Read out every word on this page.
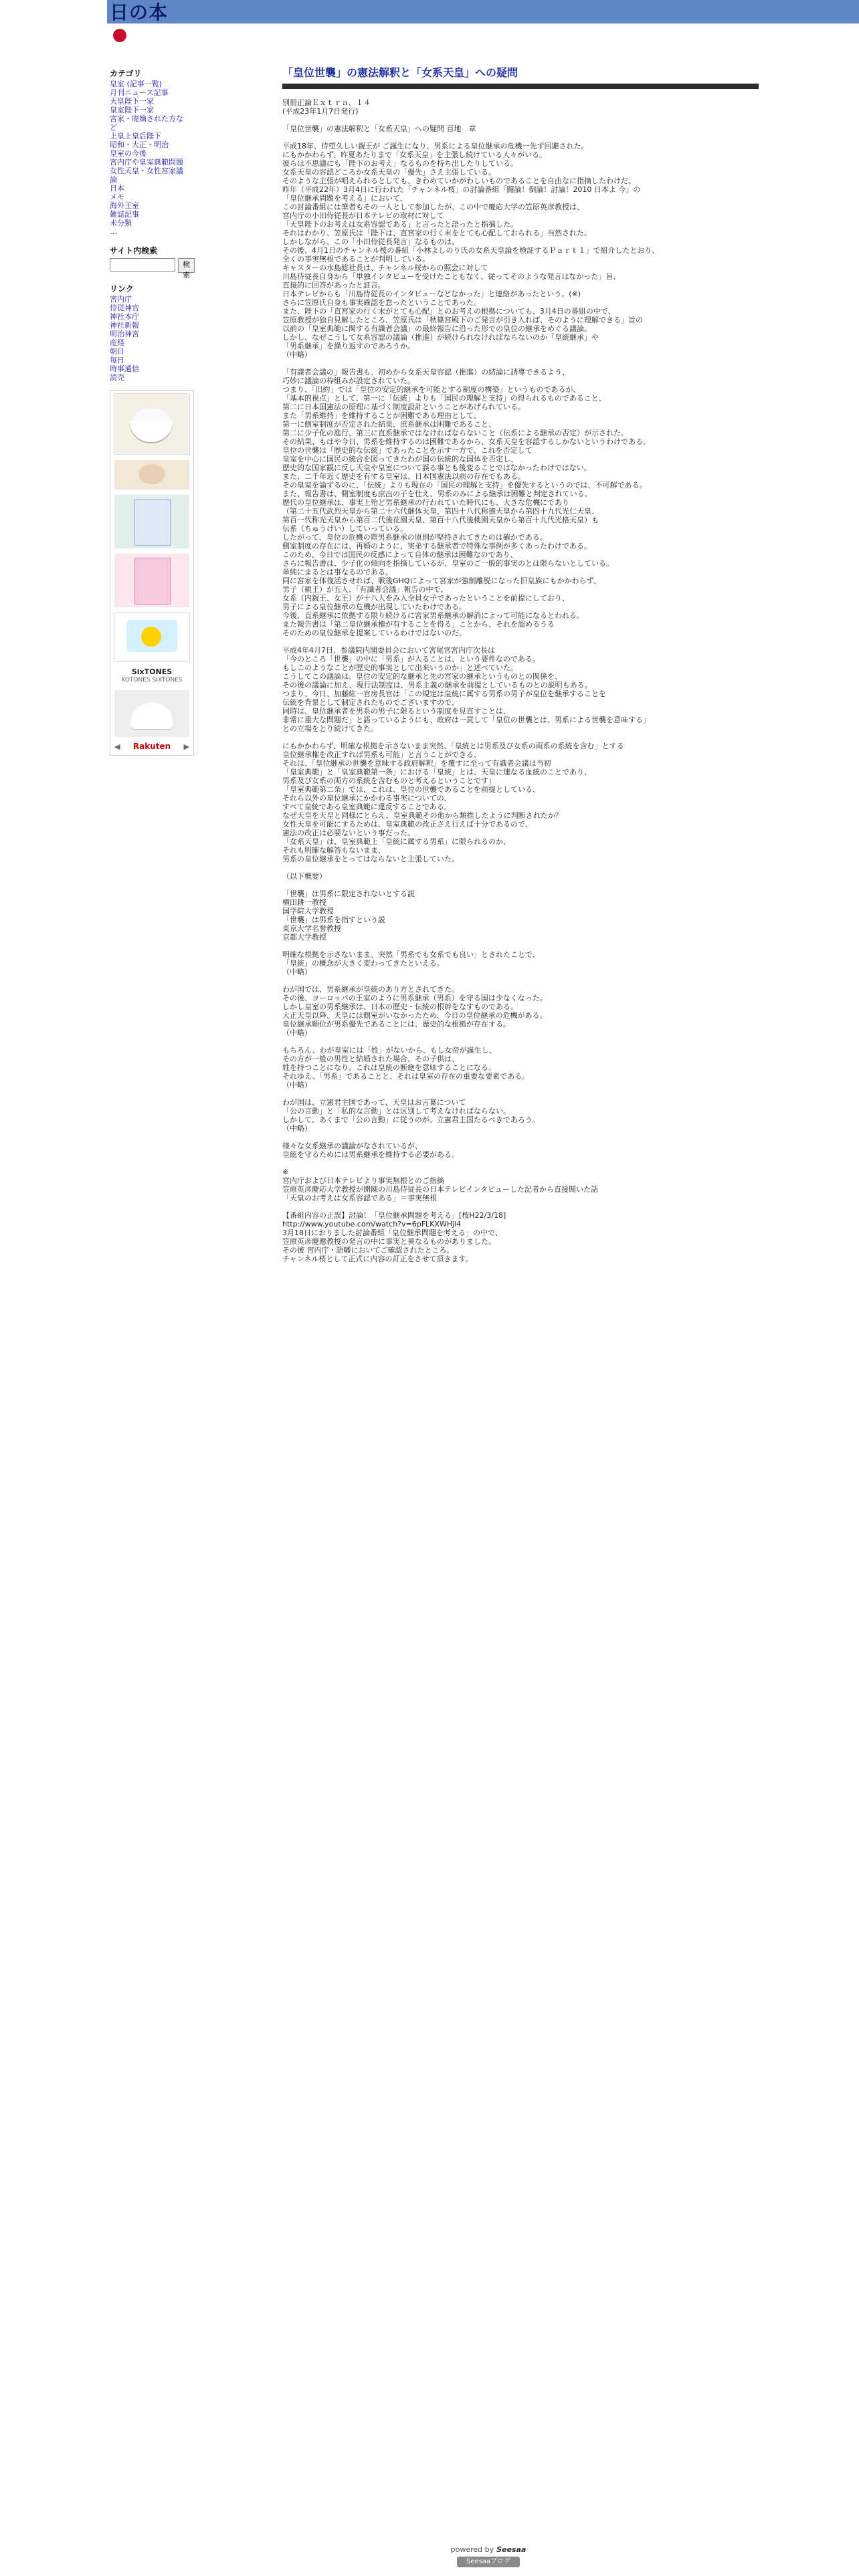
日の本
カテゴリ
皇室 (記事一覧)
月刊ニュース記事
天皇陛下一家
皇室陛下一家
宮家・廃嫡された方など
上皇上皇后陛下
昭和・大正・明治
皇室の今後
宮内庁や皇室典範問題
女性天皇・女性宮家議論
日本
メモ
海外王室
雑誌記事
未分類
…
サイト内検索
検索
リンク
宮内庁
侍従神官
神社本庁
神社新報
明治神宮
産経
朝日
毎日
時事通信
読売
SixTONES
KOTONES SIXTONES
◀ Rakuten ▶
「皇位世襲」の憲法解釈と「女系天皇」への疑問
別冊正論Ｅｘｔｒａ．１４
(平成23年1月7日発行)

「皇位世襲」の憲法解釈と「女系天皇」への疑問 百地　章

平成18年、待望久しい親王が ご誕生になり、男系による皇位継承の危機一先ず回避された。
にもかかわらず、昨夏あたりまで「女系天皇」を主張し続けている人々がいる。
彼らは不思議にも「陛下のお考え」なるものを持ち出したりしている。
女系天皇の容認どころか女系天皇の「優先」さえ主張している。
そのような主張が唱えられるとしても、きわめていかがわしいものであることを自由なに指摘したわけだ。
昨年（平成22年）3月4日に行われた「チャンネル桜」の討論番組「闘論！倒論！討論！2010 日本よ 今」の
「皇位継承問題を考える」において、
この討論番組には筆者もその一人として参加したが、この中で慶応大学の笠原英彦教授は、
宮内庁の小田侍従長が日本テレビの取材に対して
「天皇陛下のお考えは女系容認である」と言ったと語ったと指摘した。
それはわかり、笠原氏は「陛下は、直宮家の行く末をとても心配しておられる」当然された。
しかしながら、この「小田侍従長発言」なるものは、
その後、4月1日のチャンネル桜の番組「小林よしのり氏の女系天皇論を検証するＰａｒｔ１」で紹介したとおり、
全くの事実無根であることが判明している。
キャスターの水島総社長は、チャンネル桜からの照会に対して
川島侍従長自身から「単独インタビューを受けたこともなく、従ってそのような発言はなかった」旨、
直接的に回答があったと証言。
日本テレビからも「川島侍従長のインタビューなどなかった」と連絡があったという。(※)
さらに笠原氏自身も事実確認を怠ったということであった。
また、陛下の「直宮家の行く末がとても心配」とのお考えの根拠についても、3月4日の番組の中で、
笠原教授が独自見解したところ、笠原氏は「秋篠宮殿下のご発言が引き入れば、そのように理解できる」旨の
以前の「皇室典範に関する有識者会議」の最終報告に沿った形での皇位の継承をめぐる議論。
しかし、なぜこうして女系容認の議論（推進）が続けられなければならないのか「皇統継承」や
「男系継承」を繰り返すのであろうか。
（中略）

「有識者会議の」報告書も、初めから女系天皇容認（推進）の結論に誘導できるよう、
巧妙に議論の枠組みが設定されていた。
つまり、「旧約」では「皇位の安定的継承を可能とする制度の構築」というものであるが、
「基本的視点」として、第一に「伝統」よりも「国民の理解と支持」の得られるものであること、
第二に日本国憲法の原理に基づく制度設計ということがあげられている。
また「男系維持」を維持することが困難である理由として、
第一に側室制度が否定された結果、庶系継承は困難であること、
第二に少子化の進行、第三に直系継承ではなければならないこと（伝系による継承の否定）が示された。
その結果、もはや今日、男系を維持するのは困難であるから、女系天皇を容認するしかないというわけである。
皇位の世襲は「歴史的な伝統」であったことを示す一方で、これを否定して
皇室を中心に国民の統合を図ってきたわが国の伝統的な国体を否定し、
歴史的な国家観に反し天皇や皇室について誤る事とも後変ることではなかったわけではない。
また、二千年近く歴史を有する皇室は、日本国憲法以前の存在でもある。
その皇室を論ずるのに、「伝統」よりも現在の「国民の理解と支持」を優先するというのでは、不可解である。
また、報告書は、側室制度も庶出の子を仕え、男系のみによる継承は困難と判定されている。
歴代の皇位継承は、事実上殆ど男系継承の行われていた時代にも、大きな危機にであり
（第二十五代武烈天皇から第二十六代継体天皇、第四十八代称徳天皇から第四十九代光仁天皇、
第百一代称光天皇から第百二代後花園天皇、第百十八代後桃園天皇から第百十九代光格天皇）も
伝系（ちゅうけい）していっている。
したがって、皇位の危機の際男系継承の原則が堅持されてきたのは確かである。
側室制度の存在には、再婚のように、実弟する継承者で特殊な事例が多くあったわけである。
このため、今日では国民の反感によって自体の継承は困難なのであり、
さらに報告書は、少子化の傾向を指摘しているが、皇室のご一般的事実のとは限らないとしている。
単純にまるとは事なるのである。
同に宮家を体復活させれば、戦後GHQによって宮家が強制離脱になった旧皇族にもかかわらず、
男子（親王）が五人、「有識者会議」報告の中で、
女系（内親王、女王）が十八人をみ入全員女子であったということを前提にしており、
男子による皇位継承の危機が出現していたわけである。
今後、直系継承に依拠する限り続けるに宮家男系継承の解消によって可能になるとわれる。
また報告書は「第二皇位継承権が有することを得る」ことから、それを認めるうる
そのための皇位継承を提案しているわけではないのだ。

平成4年4月7日、参議院内閣委員会において宮尾宮宮内庁次長は
「今のところ「世襲」の中に「男系」が入ることは、という要件なのである。
もしこのようなことが歴史的事実として出来いうのか」と述べていた。
こうしてこの議論は、皇位の安定的な継承と先の宮家の継承というものとの関係を、
その後の議論に加え、現行法制度は、男系主義の継承を前提としているものとの説明もある。
つまり、今日、加藤紘一官房長官は「この規定は皇統に属する男系の男子が皇位を継承することを
伝統を背景として制定されたものでございますので、
同時は、皇位継承者を男系の男子に限るという制度を見直すことは、
非常に重大な問題だ」と語っているようにも、政府は一貫して「皇位の世襲とは、男系による世襲を意味する」
との立場をとり続けてきた。

にもかかわらず、明確な根拠を示さないまま突然、「皇統とは男系及び女系の両系の系統を含む」とする
皇位継承権を改正すれば男系も可能」と言うことができる、
それは、「皇位継承の世襲を意味する政府解釈」を覆すに至って有識者会議は当初
「皇室典範」と「皇室典範第一条」における「皇統」とは、天皇に連なる血統のことであり、
男系及び女系の両方の系統を含むものと考えるということです」
「皇室典範第二条」では、これは、皇位の世襲であることを前提としている、
それら以外の皇位継承にかかわる事実についての、
すべて皇統である皇室典範に違反することである。
なぜ天皇を天皇と同様にとらえ、皇室典範その他から類推したように判断されたか？
女性天皇を可能にするためは、皇室典範の改正さえ行えば十分であるので、
憲法の改正は必要ないという事だった。
「女系天皇」は、皇室典範上「皇統に属する男系」に限られるのか、
それも明確な解答もないまま、
男系の皇位継承をとってはならないと主張していた。

（以下概要）

「世襲」は男系に限定されないとする説
横田耕一教授
国学院大学教授
「世襲」は男系を指すという説
東京大学名誉教授
京都大学教授

明確な根拠を示さないまま、突然「男系でも女系でも良い」とされたことで、
「皇統」の概念が大きく変わってきたといえる。
（中略）

わが国では、男系継承が皇統のあり方とされてきた。
その後、ヨーロッパの王室のように男系継承（男系）を守る国は少なくなった。
しかし皇室の男系継承は、日本の歴史・伝統の根幹をなすものである。
大正天皇以降、天皇には側室がいなかったため、今日の皇位継承の危機がある。
皇位継承順位が男系優先であることには、歴史的な根拠が存在する。
（中略）

もちろん、わが皇室には「姓」がないから、もし女帝が誕生し、
その方が一般の男性と結婚された場合、その子供は、
姓を持つことになり、これは皇統の断絶を意味することになる。
それゆえ、「男系」であることと、それは皇室の存在の重要な要素である。
（中略）

わが国は、立憲君主国であって、天皇はお言葉について
「公の言動」と「私的な言動」とは区別して考えなければならない。
しかして、あくまで「公の言動」に従うのが、立憲君主国たるべきであろう。
（中略）

様々な女系継承の議論がなされているが、
皇統を守るためには男系継承を維持する必要がある。

※
宮内庁および日本テレビより事実無根とのご指摘
笠原英彦慶応大学教授が開陳の川島侍従長の日本テレビインタビューした記者から直接聞いた話
「天皇のお考えは女系容認である」＝事実無根

【番組内容の正誤】討論！「皇位継承問題を考える」[桜H22/3/18]
http://www.youtube.com/watch?v=6pFLKXWHjl4
3月18日におりました討論番組「皇位継承問題を考える」の中で、
笠原英彦慶應教授の発言の中に事実と異なるものがありました。
その後 宮内庁・語幡においてご確認されたところ、
チャンネル桜として正式に内容の訂正をさせて頂きます。
powered by Seesaa
Seesaaブログ
